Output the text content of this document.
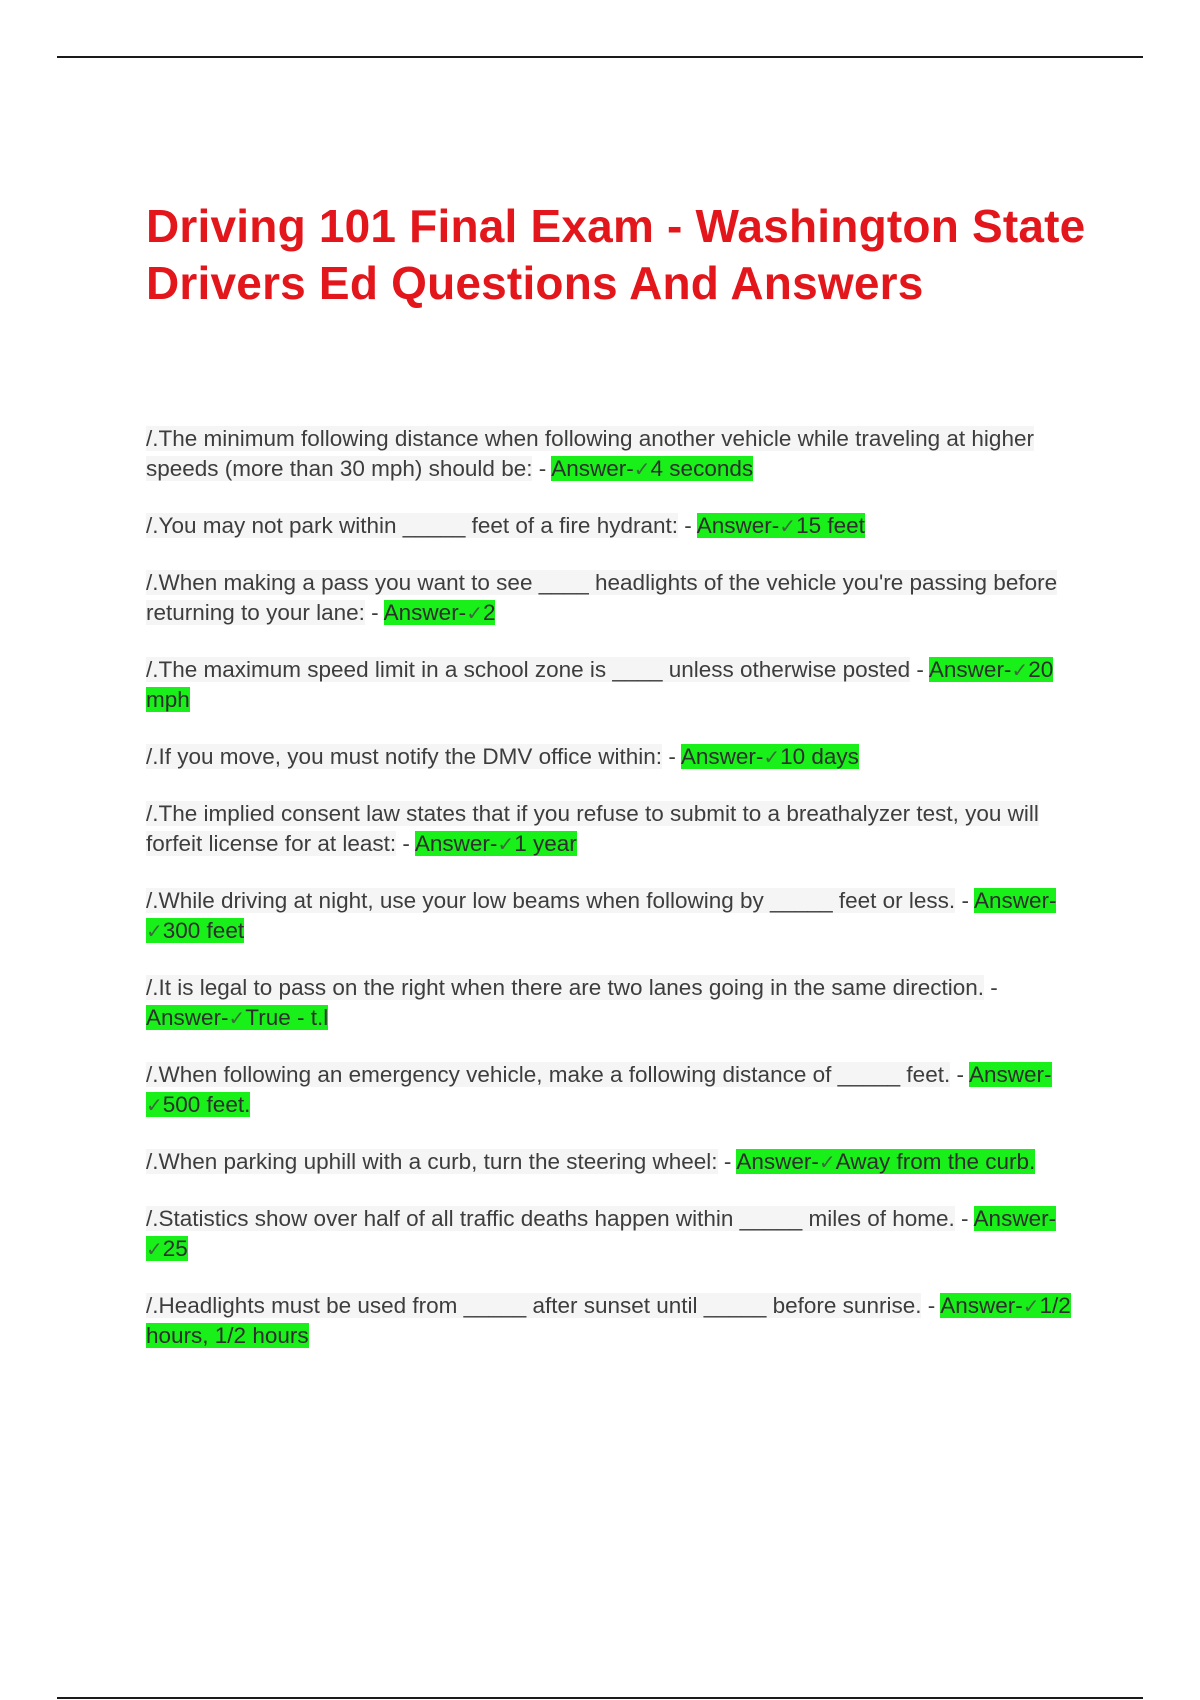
Driving 101 Final Exam - Washington State Drivers Ed Questions And Answers
/.The minimum following distance when following another vehicle while traveling at higher speeds (more than 30 mph) should be: - Answer-✓4 seconds
/.You may not park within _____ feet of a fire hydrant: - Answer-✓15 feet
/.When making a pass you want to see ____ headlights of the vehicle you're passing before returning to your lane: - Answer-✓2
/.The maximum speed limit in a school zone is ____ unless otherwise posted - Answer-✓20 mph
/.If you move, you must notify the DMV office within: - Answer-✓10 days
/.The implied consent law states that if you refuse to submit to a breathalyzer test, you will forfeit license for at least: - Answer-✓1 year
/.While driving at night, use your low beams when following by _____ feet or less. - Answer-✓300 feet
/.It is legal to pass on the right when there are two lanes going in the same direction. - Answer-✓True - t.l
/.When following an emergency vehicle, make a following distance of _____ feet. - Answer-✓500 feet.
/.When parking uphill with a curb, turn the steering wheel: - Answer-✓Away from the curb.
/.Statistics show over half of all traffic deaths happen within _____ miles of home. - Answer-✓25
/.Headlights must be used from _____ after sunset until _____ before sunrise. - Answer-✓1/2 hours, 1/2 hours
